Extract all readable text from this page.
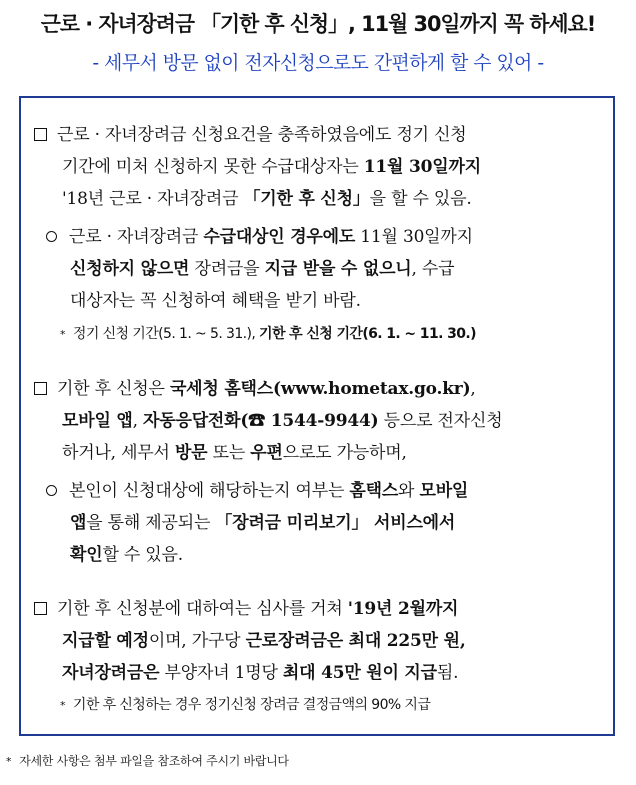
근로 · 자녀장려금 「기한 후 신청」, 11월 30일까지 꼭 하세요!
- 세무서 방문 없이 전자신청으로도 간편하게 할 수 있어 -
근로 · 자녀장려금 신청요건을 충족하였음에도 정기 신청
기간에 미처 신청하지 못한 수급대상자는 11월 30일까지
'18년 근로 · 자녀장려금 「기한 후 신청」을 할 수 있음.
근로 · 자녀장려금 수급대상인 경우에도 11월 30일까지
신청하지 않으면 장려금을 지급 받을 수 없으니, 수급
대상자는 꼭 신청하여 혜택을 받기 바람.
* 정기 신청 기간(5. 1. ~ 5. 31.), 기한 후 신청 기간(6. 1. ~ 11. 30.)
기한 후 신청은 국세청 홈택스(www.hometax.go.kr),
모바일 앱, 자동응답전화(☎ 1544-9944) 등으로 전자신청
하거나, 세무서 방문 또는 우편으로도 가능하며,
본인이 신청대상에 해당하는지 여부는 홈택스와 모바일
앱을 통해 제공되는 「장려금 미리보기」 서비스에서
확인할 수 있음.
기한 후 신청분에 대하여는 심사를 거쳐 '19년 2월까지
지급할 예정이며, 가구당 근로장려금은 최대 225만 원,
자녀장려금은 부양자녀 1명당 최대 45만 원이 지급됨.
* 기한 후 신청하는 경우 정기신청 장려금 결정금액의 90% 지급
* 자세한 사항은 첨부 파일을 참조하여 주시기 바랍니다
